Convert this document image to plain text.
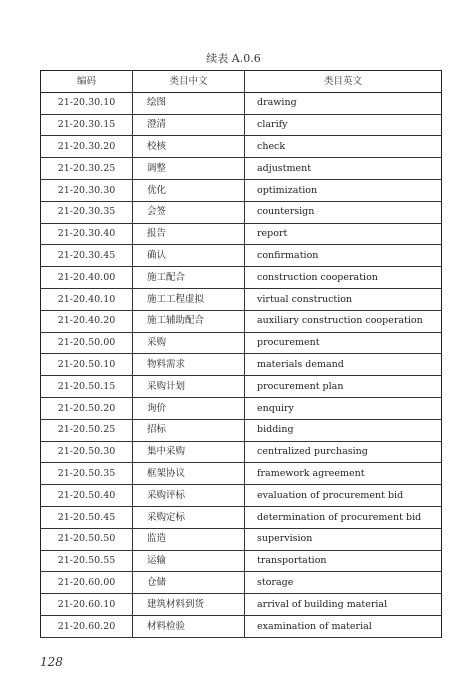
续表 A.0.6
编码	类目中文	类目英文
21-20.30.10	绘图	drawing
21-20.30.15	澄清	clarify
21-20.30.20	校核	check
21-20.30.25	调整	adjustment
21-20.30.30	优化	optimization
21-20.30.35	会签	countersign
21-20.30.40	报告	report
21-20.30.45	确认	confirmation
21-20.40.00	施工配合	construction cooperation
21-20.40.10	施工工程虚拟	virtual construction
21-20.40.20	施工辅助配合	auxiliary construction cooperation
21-20.50.00	采购	procurement
21-20.50.10	物料需求	materials demand
21-20.50.15	采购计划	procurement plan
21-20.50.20	询价	enquiry
21-20.50.25	招标	bidding
21-20.50.30	集中采购	centralized purchasing
21-20.50.35	框架协议	framework agreement
21-20.50.40	采购评标	evaluation of procurement bid
21-20.50.45	采购定标	determination of procurement bid
21-20.50.50	监造	supervision
21-20.50.55	运输	transportation
21-20.60.00	仓储	storage
21-20.60.10	建筑材料到货	arrival of building material
21-20.60.20	材料检验	examination of material
128
